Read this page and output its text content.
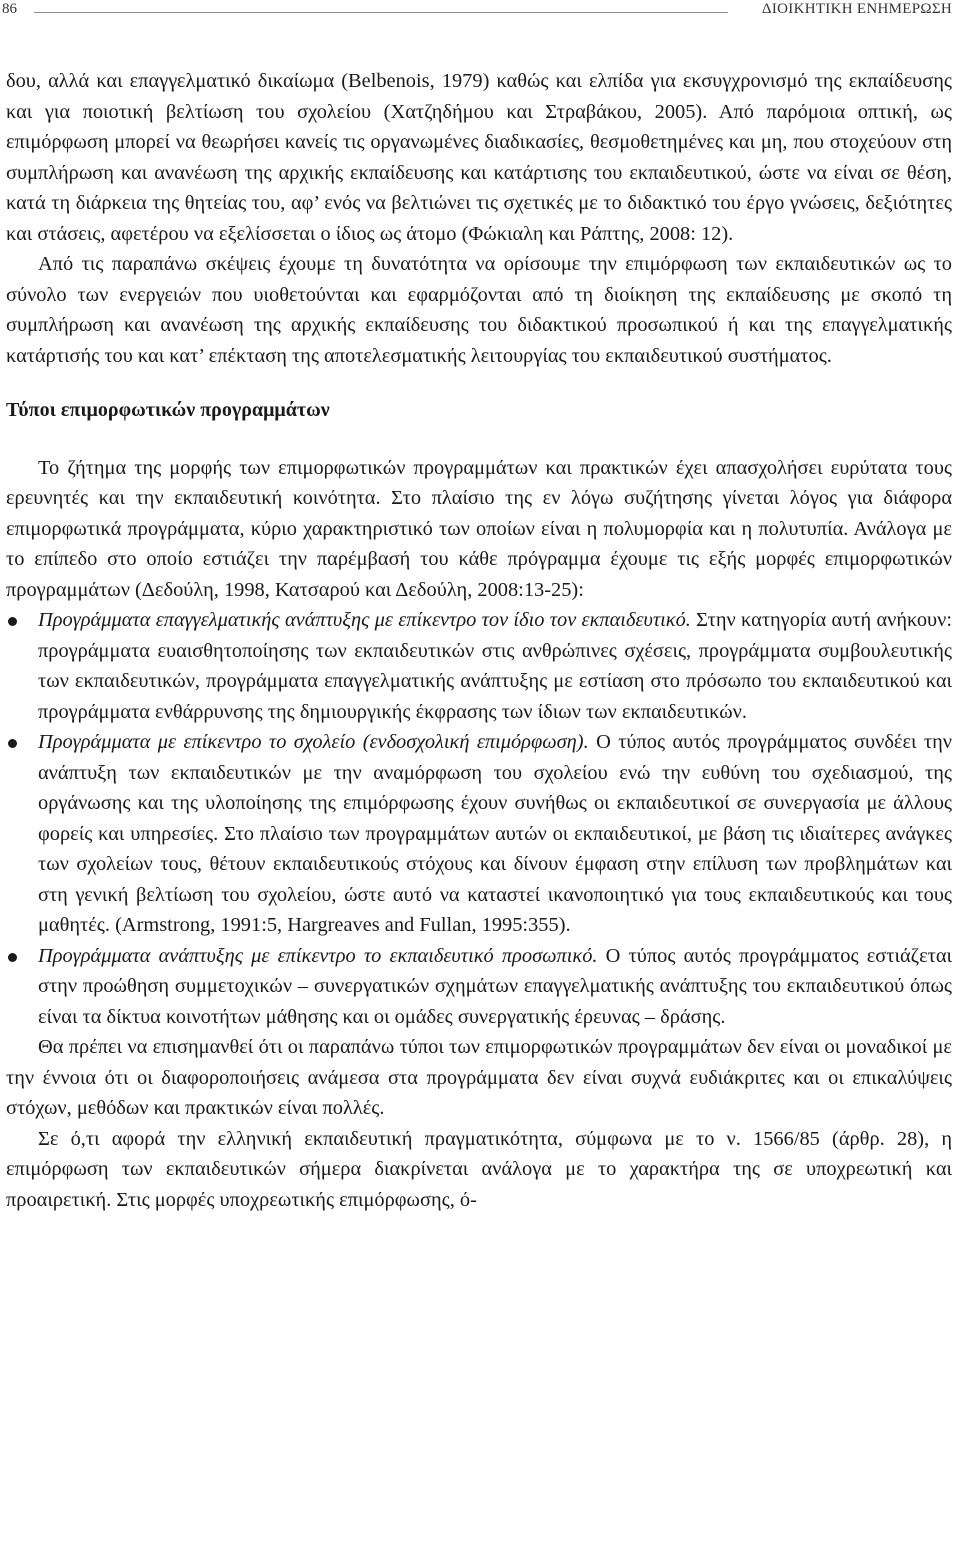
86	ΔΙΟΙΚΗΤΙΚΗ ΕΝΗΜΕΡΩΣΗ

δου, αλλά και επαγγελματικό δικαίωμα (Belbenois, 1979) καθώς και ελπίδα για εκσυγχρονισμό της εκπαίδευσης και για ποιοτική βελτίωση του σχολείου (Χατζηδήμου και Στραβάκου, 2005). Από παρόμοια οπτική, ως επιμόρφωση μπορεί να θεωρήσει κανείς τις οργανωμένες διαδικασίες, θεσμοθετημένες και μη, που στοχεύουν στη συμπλήρωση και ανανέωση της αρχικής εκπαίδευσης και κατάρτισης του εκπαιδευτικού, ώστε να είναι σε θέση, κατά τη διάρκεια της θητείας του, αφ’ ενός να βελτιώνει τις σχετικές με το διδακτικό του έργο γνώσεις, δεξιότητες και στάσεις, αφετέρου να εξελίσσεται ο ίδιος ως άτομο (Φώκιαλη και Ράπτης, 2008: 12).

Από τις παραπάνω σκέψεις έχουμε τη δυνατότητα να ορίσουμε την επιμόρφωση των εκπαιδευτικών ως το σύνολο των ενεργειών που υιοθετούνται και εφαρμόζονται από τη διοίκηση της εκπαίδευσης με σκοπό τη συμπλήρωση και ανανέωση της αρχικής εκπαίδευσης του διδακτικού προσωπικού ή και της επαγγελματικής κατάρτισής του και κατ’ επέκταση της αποτελεσματικής λειτουργίας του εκπαιδευτικού συστήματος.

Τύποι επιμορφωτικών προγραμμάτων

Το ζήτημα της μορφής των επιμορφωτικών προγραμμάτων και πρακτικών έχει απασχολήσει ευρύτατα τους ερευνητές και την εκπαιδευτική κοινότητα. Στο πλαίσιο της εν λόγω συζήτησης γίνεται λόγος για διάφορα επιμορφωτικά προγράμματα, κύριο χαρακτηριστικό των οποίων είναι η πολυμορφία και η πολυτυπία. Ανάλογα με το επίπεδο στο οποίο εστιάζει την παρέμβασή του κάθε πρόγραμμα έχουμε τις εξής μορφές επιμορφωτικών προγραμμάτων (Δεδούλη, 1998, Κατσαρού και Δεδούλη, 2008:13-25):

Προγράμματα επαγγελματικής ανάπτυξης με επίκεντρο τον ίδιο τον εκπαιδευτικό. Στην κατηγορία αυτή ανήκουν: προγράμματα ευαισθητοποίησης των εκπαιδευτικών στις ανθρώπινες σχέσεις, προγράμματα συμβουλευτικής των εκπαιδευτικών, προγράμματα επαγγελματικής ανάπτυξης με εστίαση στο πρόσωπο του εκπαιδευτικού και προγράμματα ενθάρρυνσης της δημιουργικής έκφρασης των ίδιων των εκπαιδευτικών.
Προγράμματα με επίκεντρο το σχολείο (ενδοσχολική επιμόρφωση). Ο τύπος αυτός προγράμματος συνδέει την ανάπτυξη των εκπαιδευτικών με την αναμόρφωση του σχολείου ενώ την ευθύνη του σχεδιασμού, της οργάνωσης και της υλοποίησης της επιμόρφωσης έχουν συνήθως οι εκπαιδευτικοί σε συνεργασία με άλλους φορείς και υπηρεσίες. Στο πλαίσιο των προγραμμάτων αυτών οι εκπαιδευτικοί, με βάση τις ιδιαίτερες ανάγκες των σχολείων τους, θέτουν εκπαιδευτικούς στόχους και δίνουν έμφαση στην επίλυση των προβλημάτων και στη γενική βελτίωση του σχολείου, ώστε αυτό να καταστεί ικανοποιητικό για τους εκπαιδευτικούς και τους μαθητές. (Armstrong, 1991:5, Hargreaves and Fullan, 1995:355).
Προγράμματα ανάπτυξης με επίκεντρο το εκπαιδευτικό προσωπικό. Ο τύπος αυτός προγράμματος εστιάζεται στην προώθηση συμμετοχικών – συνεργατικών σχημάτων επαγγελματικής ανάπτυξης του εκπαιδευτικού όπως είναι τα δίκτυα κοινοτήτων μάθησης και οι ομάδες συνεργατικής έρευνας – δράσης.

Θα πρέπει να επισημανθεί ότι οι παραπάνω τύποι των επιμορφωτικών προγραμμάτων δεν είναι οι μοναδικοί με την έννοια ότι οι διαφοροποιήσεις ανάμεσα στα προγράμματα δεν είναι συχνά ευδιάκριτες και οι επικαλύψεις στόχων, μεθόδων και πρακτικών είναι πολλές.

Σε ό,τι αφορά την ελληνική εκπαιδευτική πραγματικότητα, σύμφωνα με το ν. 1566/85 (άρθρ. 28), η επιμόρφωση των εκπαιδευτικών σήμερα διακρίνεται ανάλογα με το χαρακτήρα της σε υποχρεωτική και προαιρετική. Στις μορφές υποχρεωτικής επιμόρφωσης, ό-
